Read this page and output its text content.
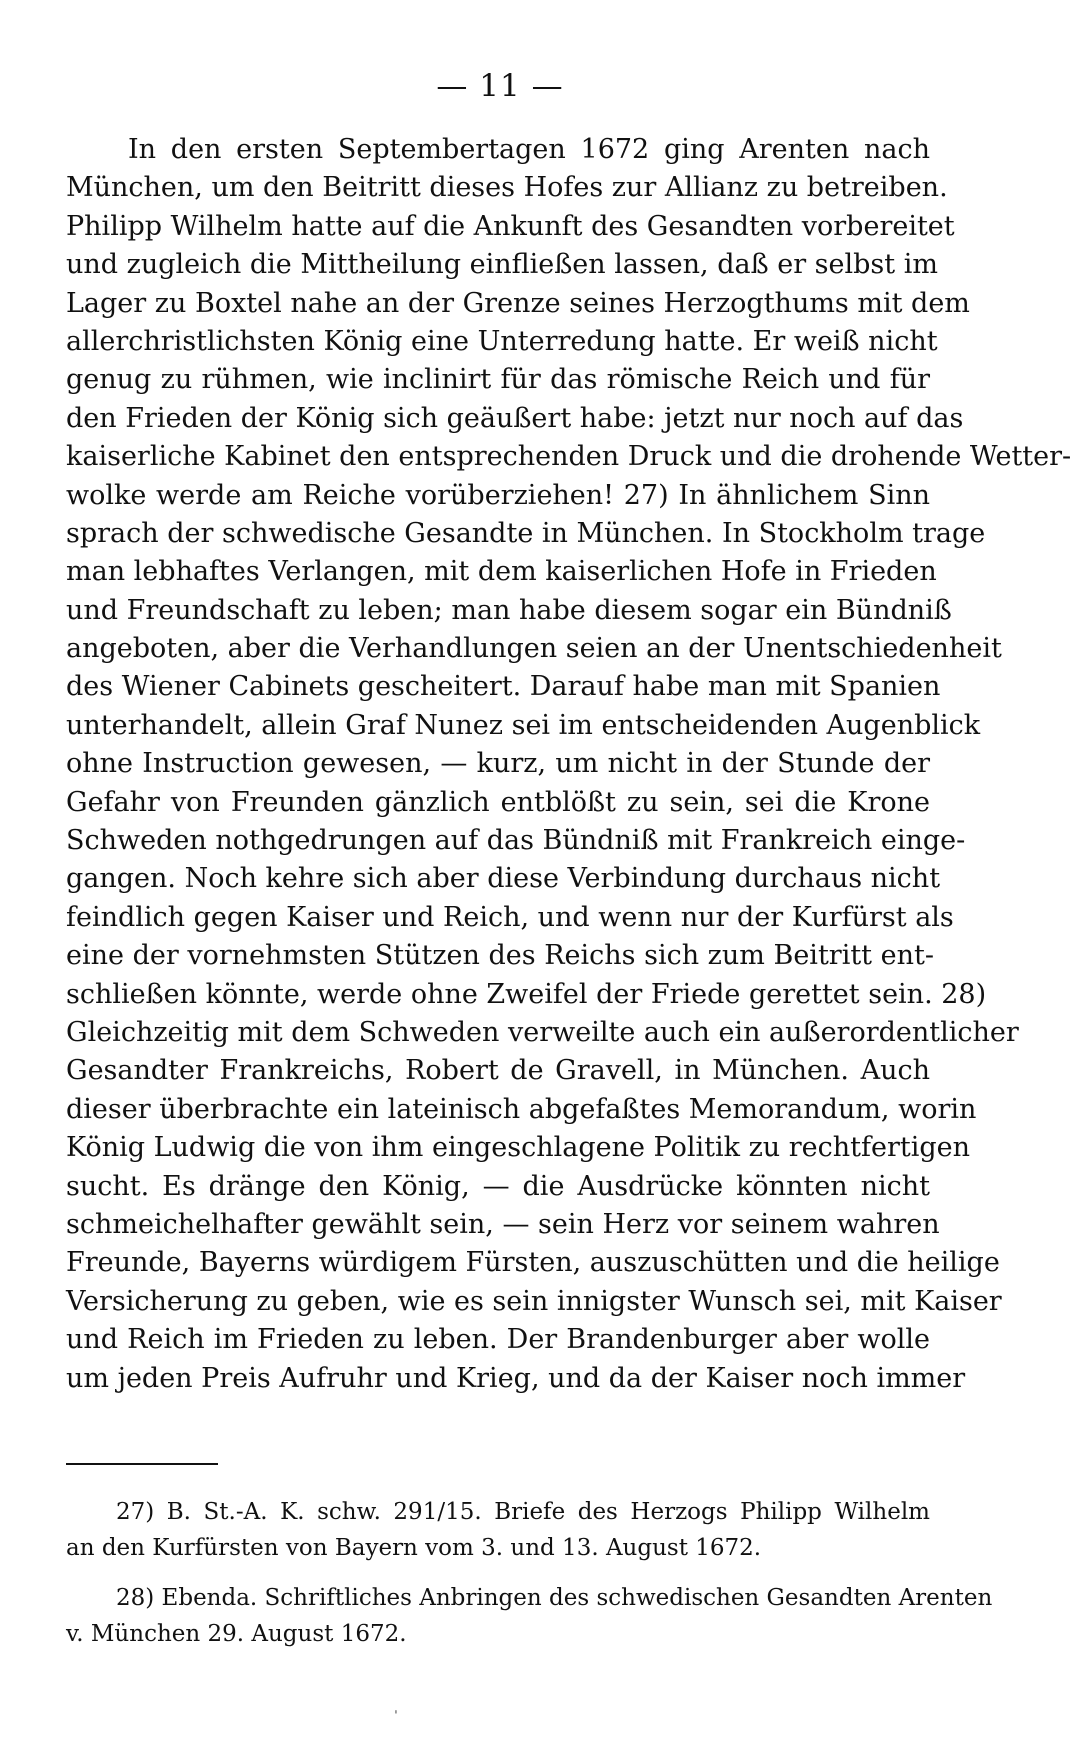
— 11 —
In den ersten Septembertagen 1672 ging Arenten nach
München, um den Beitritt dieses Hofes zur Allianz zu betreiben.
Philipp Wilhelm hatte auf die Ankunft des Gesandten vorbereitet
und zugleich die Mittheilung einfließen lassen, daß er selbst im
Lager zu Boxtel nahe an der Grenze seines Herzogthums mit dem
allerchristlichsten König eine Unterredung hatte. Er weiß nicht
genug zu rühmen, wie inclinirt für das römische Reich und für
den Frieden der König sich geäußert habe: jetzt nur noch auf das
kaiserliche Kabinet den entsprechenden Druck und die drohende Wetter-
wolke werde am Reiche vorüberziehen! 27) In ähnlichem Sinn
sprach der schwedische Gesandte in München. In Stockholm trage
man lebhaftes Verlangen, mit dem kaiserlichen Hofe in Frieden
und Freundschaft zu leben; man habe diesem sogar ein Bündniß
angeboten, aber die Verhandlungen seien an der Unentschiedenheit
des Wiener Cabinets gescheitert. Darauf habe man mit Spanien
unterhandelt, allein Graf Nunez sei im entscheidenden Augenblick
ohne Instruction gewesen, — kurz, um nicht in der Stunde der
Gefahr von Freunden gänzlich entblößt zu sein, sei die Krone
Schweden nothgedrungen auf das Bündniß mit Frankreich einge-
gangen. Noch kehre sich aber diese Verbindung durchaus nicht
feindlich gegen Kaiser und Reich, und wenn nur der Kurfürst als
eine der vornehmsten Stützen des Reichs sich zum Beitritt ent-
schließen könnte, werde ohne Zweifel der Friede gerettet sein. 28)
Gleichzeitig mit dem Schweden verweilte auch ein außerordentlicher
Gesandter Frankreichs, Robert de Gravell, in München. Auch
dieser überbrachte ein lateinisch abgefaßtes Memorandum, worin
König Ludwig die von ihm eingeschlagene Politik zu rechtfertigen
sucht. Es dränge den König, — die Ausdrücke könnten nicht
schmeichelhafter gewählt sein, — sein Herz vor seinem wahren
Freunde, Bayerns würdigem Fürsten, auszuschütten und die heilige
Versicherung zu geben, wie es sein innigster Wunsch sei, mit Kaiser
und Reich im Frieden zu leben. Der Brandenburger aber wolle
um jeden Preis Aufruhr und Krieg, und da der Kaiser noch immer
27) B. St.-A. K. schw. 291/15. Briefe des Herzogs Philipp Wilhelm
an den Kurfürsten von Bayern vom 3. und 13. August 1672.
28) Ebenda. Schriftliches Anbringen des schwedischen Gesandten Arenten
v. München 29. August 1672.
ˌ
